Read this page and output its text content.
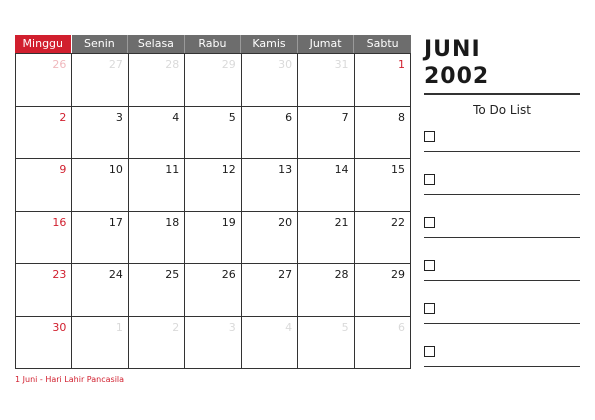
Minggu	Senin	Selasa	Rabu	Kamis	Jumat	Sabtu
26	27	28	29	30	31	1
2	3	4	5	6	7	8
9	10	11	12	13	14	15
16	17	18	19	20	21	22
23	24	25	26	27	28	29
30	1	2	3	4	5	6
JUNI
2002
To Do List
1 Juni - Hari Lahir Pancasila
